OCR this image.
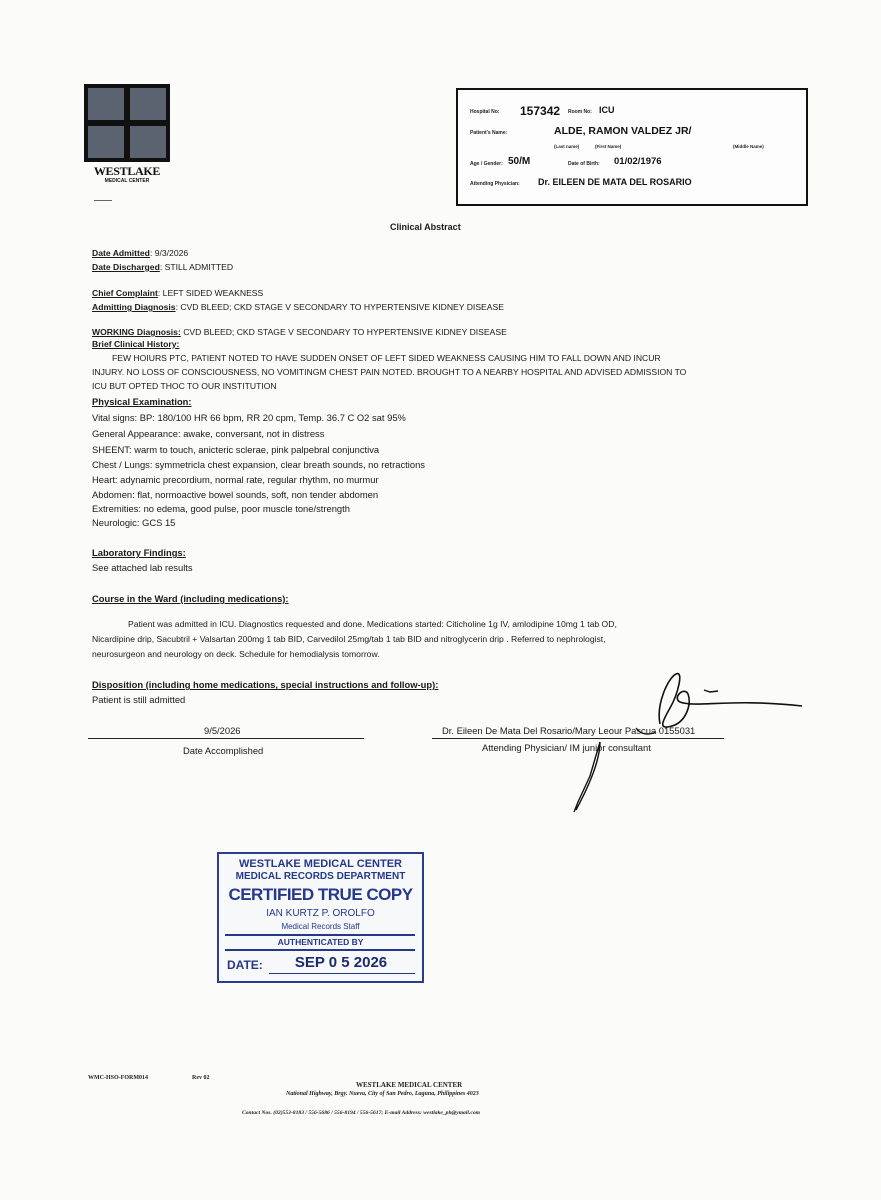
WESTLAKE
MEDICAL CENTER
Hospital No: 157342 Room No: ICU
Patient's Name:	ALDE, RAMON VALDEZ JR/
(Last name)	(First Name)	(Middle Name)
Age / Gender: 50/M	Date of Birth: 01/02/1976
Attending Physician: Dr. EILEEN DE MATA DEL ROSARIO
Clinical Abstract
Date Admitted: 9/3/2026
Date Discharged: STILL ADMITTED
Chief Complaint: LEFT SIDED WEAKNESS
Admitting Diagnosis: CVD BLEED; CKD STAGE V SECONDARY TO HYPERTENSIVE KIDNEY DISEASE
WORKING Diagnosis: CVD BLEED; CKD STAGE V SECONDARY TO HYPERTENSIVE KIDNEY DISEASE
Brief Clinical History:
FEW HOIURS PTC, PATIENT NOTED TO HAVE SUDDEN ONSET OF LEFT SIDED WEAKNESS CAUSING HIM TO FALL DOWN AND INCUR
INJURY. NO LOSS OF CONSCIOUSNESS, NO VOMITINGM CHEST PAIN NOTED. BROUGHT TO A NEARBY HOSPITAL AND ADVISED ADMISSION TO
ICU BUT OPTED THOC TO OUR INSTITUTION
Physical Examination:
Vital signs: BP: 180/100 HR 66 bpm, RR 20 cpm, Temp. 36.7 C O2 sat 95%
General Appearance: awake, conversant, not in distress
SHEENT: warm to touch, anicteric sclerae, pink palpebral conjunctiva
Chest / Lungs: symmetricla chest expansion, clear breath sounds, no retractions
Heart: adynamic precordium, normal rate, regular rhythm, no murmur
Abdomen: flat, normoactive bowel sounds, soft, non tender abdomen
Extremities: no edema, good pulse, poor muscle tone/strength
Neurologic: GCS 15
Laboratory Findings:
See attached lab results
Course in the Ward (including medications):
Patient was admitted in ICU. Diagnostics requested and done. Medications started: Citicholine 1g IV, amlodipine 10mg 1 tab OD,
Nicardipine drip, Sacubtril + Valsartan 200mg 1 tab BID, Carvedilol 25mg/tab 1 tab BID and nitroglycerin drip . Referred to nephrologist,
neurosurgeon and neurology on deck. Schedule for hemodialysis tomorrow.
Disposition (including home medications, special instructions and follow-up):
Patient is still admitted
9/5/2026
Date Accomplished
Dr. Eileen De Mata Del Rosario/Mary Leour Pascua 0155031
Attending Physician/ IM junior consultant
WESTLAKE MEDICAL CENTER
MEDICAL RECORDS DEPARTMENT
CERTIFIED TRUE COPY
IAN KURTZ P. OROLFO
Medical Records Staff
AUTHENTICATED BY
DATE:	SEP 0 5 2026
WMC-HSO-FORM014	Rev 02
WESTLAKE MEDICAL CENTER
National Highway, Brgy. Nueva, City of San Pedro, Laguna, Philippines 4023
Contact Nos. (02)553-8183 / 556-5686 / 556-8194 / 556-5617; E-mail Address: westlake_ph@ymail.com
